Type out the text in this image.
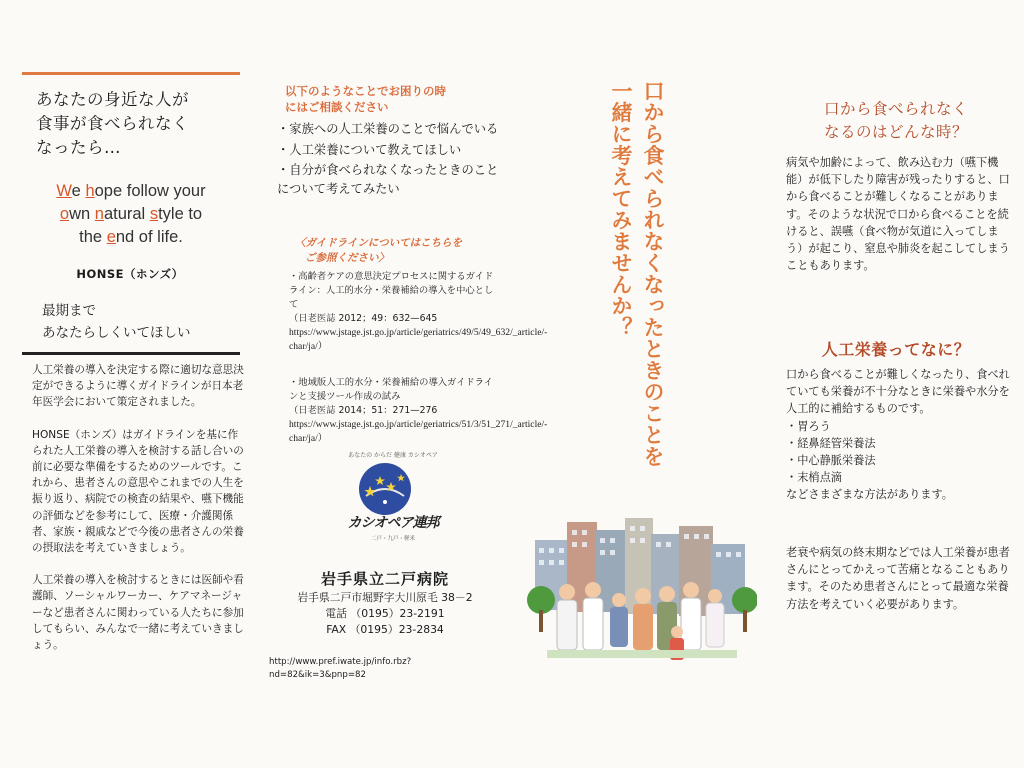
あなたの身近な人が
食事が食べられなく
なったら…
We hope follow your
own natural style to
the end of life.
HONSE（ホンズ）
最期まで
あなたらしくいてほしい

人工栄養の導入を決定する際に適切な意思決定ができるように導くガイドラインが日本老年医学会において策定されました。

HONSE（ホンズ）はガイドラインを基に作られた人工栄養の導入を検討する話し合いの前に必要な準備をするためのツールです。これから、患者さんの意思やこれまでの人生を振り返り、病院での検査の結果や、嚥下機能の評価などを参考にして、医療・介護関係者、家族・親戚などで今後の患者さんの栄養の摂取法を考えていきましょう。

人工栄養の導入を検討するときには医師や看護師、ソーシャルワーカー、ケアマネージャーなど患者さんに関わっている人たちに参加してもらい、みんなで一緒に考えていきましょう。

以下のようなことでお困りの時
にはご相談ください
・家族への人工栄養のことで悩んでいる
・人工栄養について教えてほしい
・自分が食べられなくなったときのことについて考えてみたい
〈ガイドラインについてはこちらを
ご参照ください〉
・高齢者ケアの意思決定プロセスに関するガイドライン：人工的水分・栄養補給の導入を中心として
（日老医誌 2012；49：632—645
https://www.jstage.jst.go.jp/article/geriatrics/49/5/49_632/_article/-char/ja/）
・地域版人工的水分・栄養補給の導入ガイドラインと支援ツール作成の試み
（日老医誌 2014；51：271—276
https://www.jstage.jst.go.jp/article/geriatrics/51/3/51_271/_article/-char/ja/）
あなたの からだ 健康 カシオペア
カシオペア連邦
二戸・九戸・軽米
岩手県立二戸病院
岩手県二戸市堀野字大川原毛 38－2
電話 （0195）23-2191
FAX （0195）23-2834
http://www.pref.iwate.jp/info.rbz?nd=82&ik=3&pnp=82
口から食べられなくなったときのことを
一緒に考えてみませんか？	口から食べられなく
なるのはどんな時？
病気や加齢によって、飲み込む力（嚥下機能）が低下したり障害が残ったりすると、口から食べることが難しくなることがあります。そのような状況で口から食べることを続けると、誤嚥（食べ物が気道に入ってしまう）が起こり、窒息や肺炎を起こしてしまうこともあります。
人工栄養ってなに？
口から食べることが難しくなったり、食べれていても栄養が不十分なときに栄養や水分を人工的に補給するものです。
・胃ろう
・経鼻経管栄養法
・中心静脈栄養法
・末梢点滴
などさまざまな方法があります。
老衰や病気の終末期などでは人工栄養が患者さんにとってかえって苦痛となることもあります。そのため患者さんにとって最適な栄養方法を考えていく必要があります。
